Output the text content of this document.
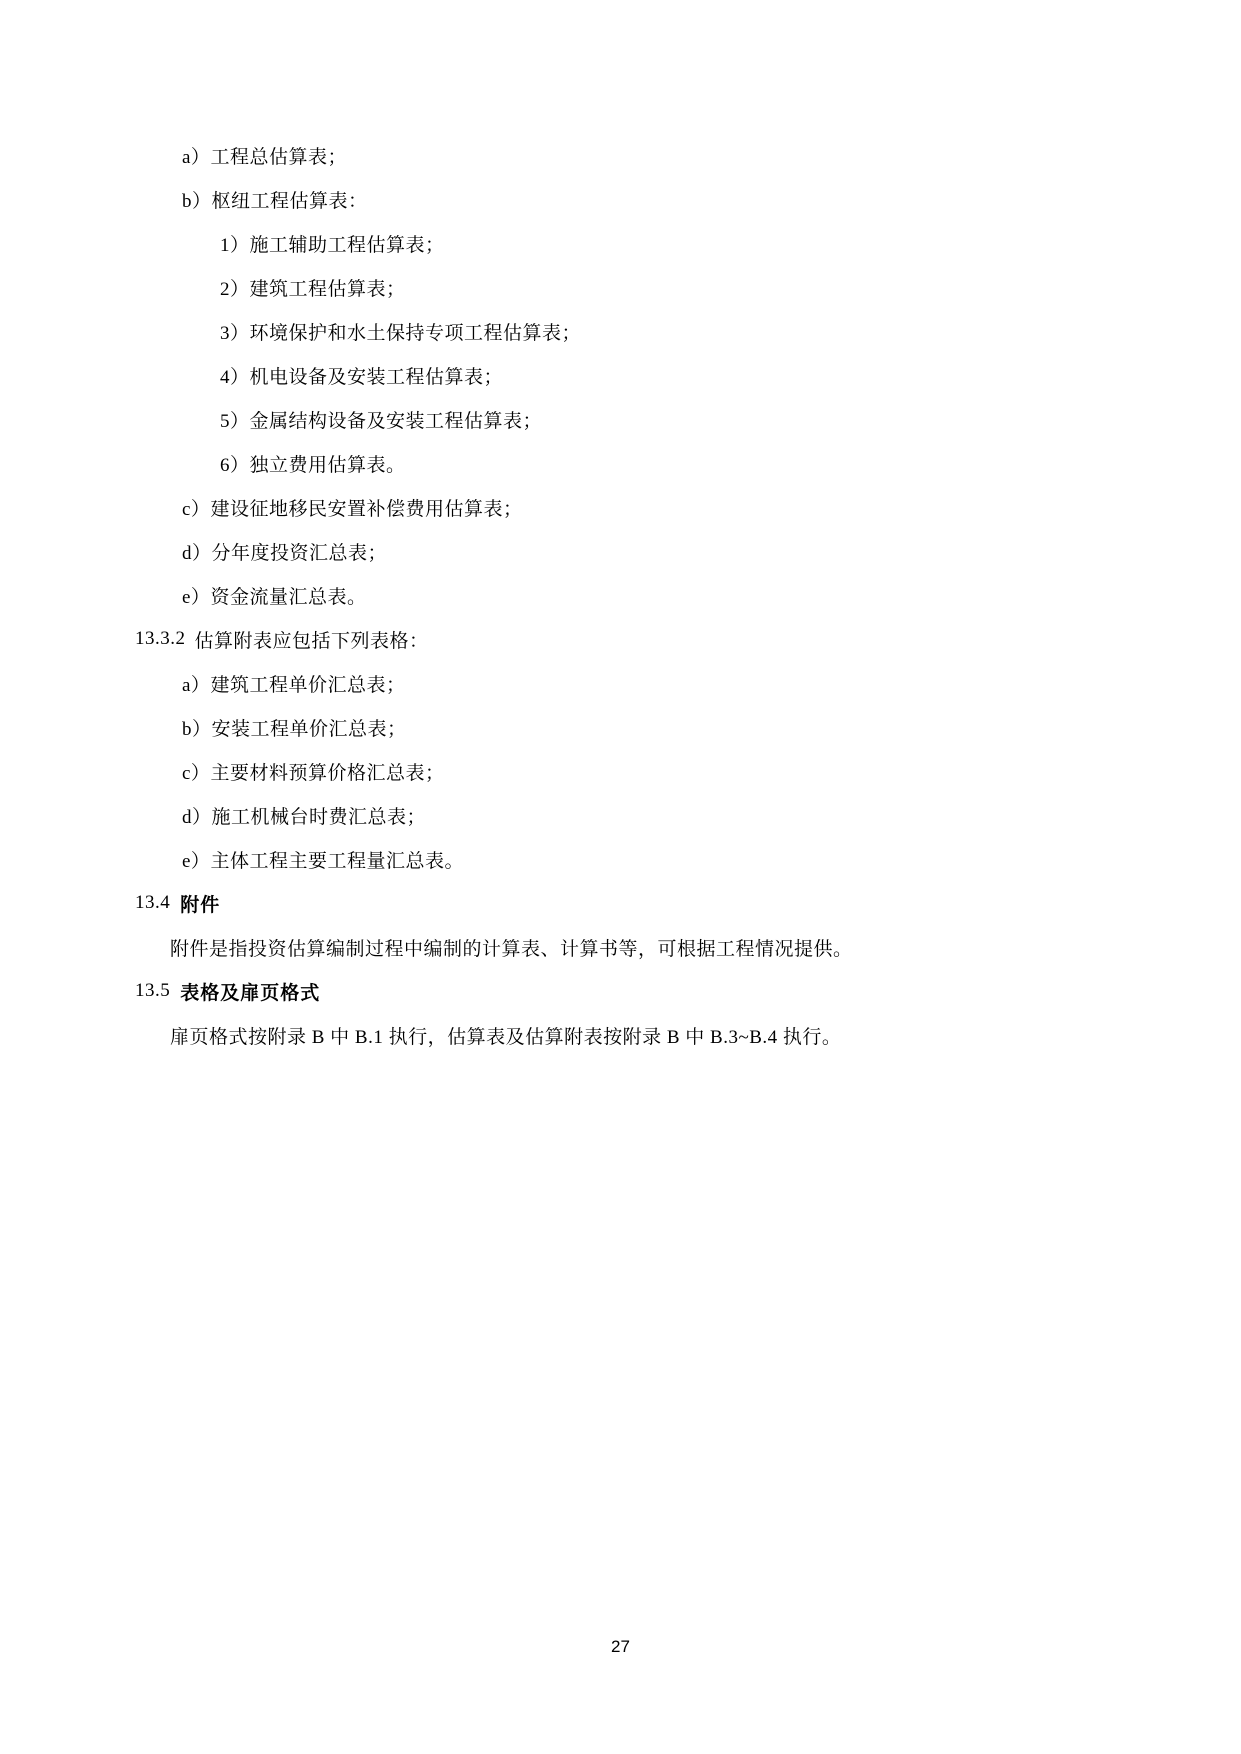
a） 工程总估算表；
b） 枢纽工程估算表：
1） 施工辅助工程估算表；
2） 建筑工程估算表；
3） 环境保护和水土保持专项工程估算表；
4） 机电设备及安装工程估算表；
5） 金属结构设备及安装工程估算表；
6） 独立费用估算表。
c） 建设征地移民安置补偿费用估算表；
d） 分年度投资汇总表；
e） 资金流量汇总表。
13.3.2 估算附表应包括下列表格：
a） 建筑工程单价汇总表；
b） 安装工程单价汇总表；
c） 主要材料预算价格汇总表；
d） 施工机械台时费汇总表；
e） 主体工程主要工程量汇总表。
13.4 附件
附件是指投资估算编制过程中编制的计算表、计算书等，可根据工程情况提供。
13.5 表格及扉页格式
扉页格式按附录 B 中 B.1 执行，估算表及估算附表按附录 B 中 B.3~B.4 执行。
27
